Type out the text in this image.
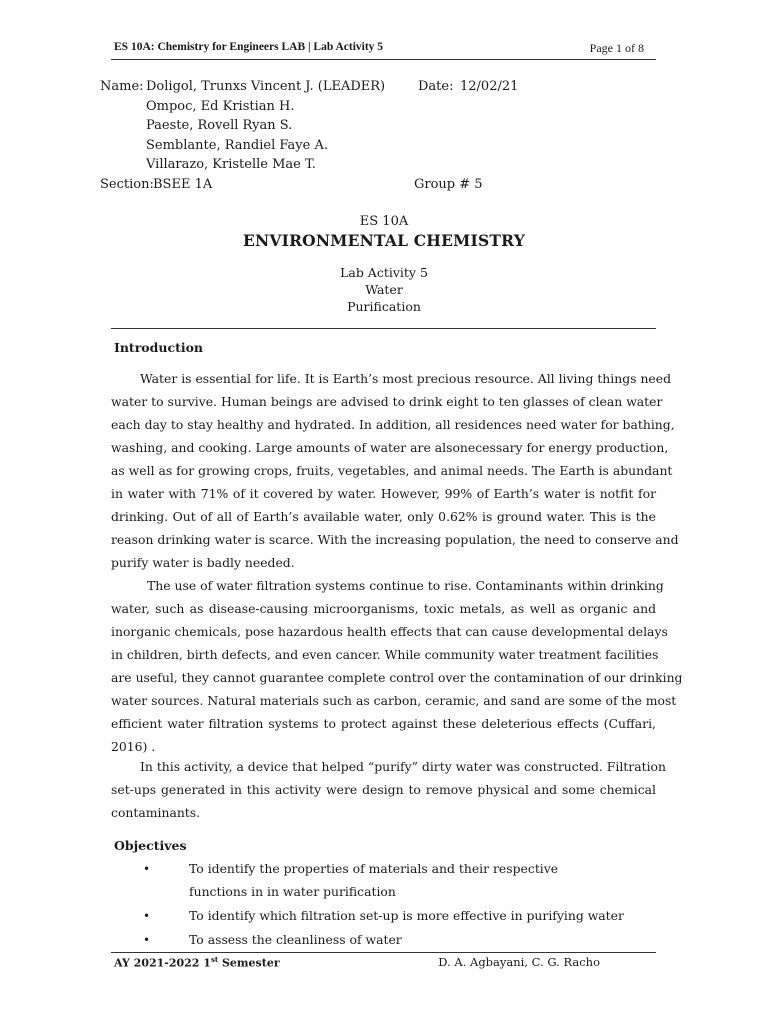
ES 10A: Chemistry for Engineers LAB | Lab Activity 5	Page 1 of 8
Name: Doligol, Trunxs Vincent J. (LEADER)
Ompoc, Ed Kristian H.
Paeste, Rovell Ryan S.
Semblante, Randiel Faye A.
Villarazo, Kristelle Mae T.
Date: 12/02/21
Section: BSEE 1A	Group # 5
ES 10A
ENVIRONMENTAL CHEMISTRY
Lab Activity 5
Water
Purification
Introduction
Water is essential for life. It is Earth’s most precious resource. All living things need
water to survive. Human beings are advised to drink eight to ten glasses of clean water
each day to stay healthy and hydrated. In addition, all residences need water for bathing,
washing, and cooking. Large amounts of water are alsonecessary for energy production,
as well as for growing crops, fruits, vegetables, and animal needs. The Earth is abundant
in water with 71% of it covered by water. However, 99% of Earth’s water is notfit for
drinking. Out of all of Earth’s available water, only 0.62% is ground water. This is the
reason drinking water is scarce. With the increasing population, the need to conserve and
purify water is badly needed.
The use of water filtration systems continue to rise. Contaminants within drinking
water, such as disease-causing microorganisms, toxic metals, as well as organic and
inorganic chemicals, pose hazardous health effects that can cause developmental delays
in children, birth defects, and even cancer. While community water treatment facilities
are useful, they cannot guarantee complete control over the contamination of our drinking
water sources. Natural materials such as carbon, ceramic, and sand are some of the most
efficient water filtration systems to protect against these deleterious effects (Cuffari,
2016) .
In this activity, a device that helped “purify” dirty water was constructed. Filtration
set-ups generated in this activity were design to remove physical and some chemical
contaminants.
Objectives
•	To identify the properties of materials and their respective
functions in in water purification
•	To identify which filtration set-up is more effective in purifying water
•	To assess the cleanliness of water
AY 2021-2022 1st Semester	D. A. Agbayani, C. G. Racho
